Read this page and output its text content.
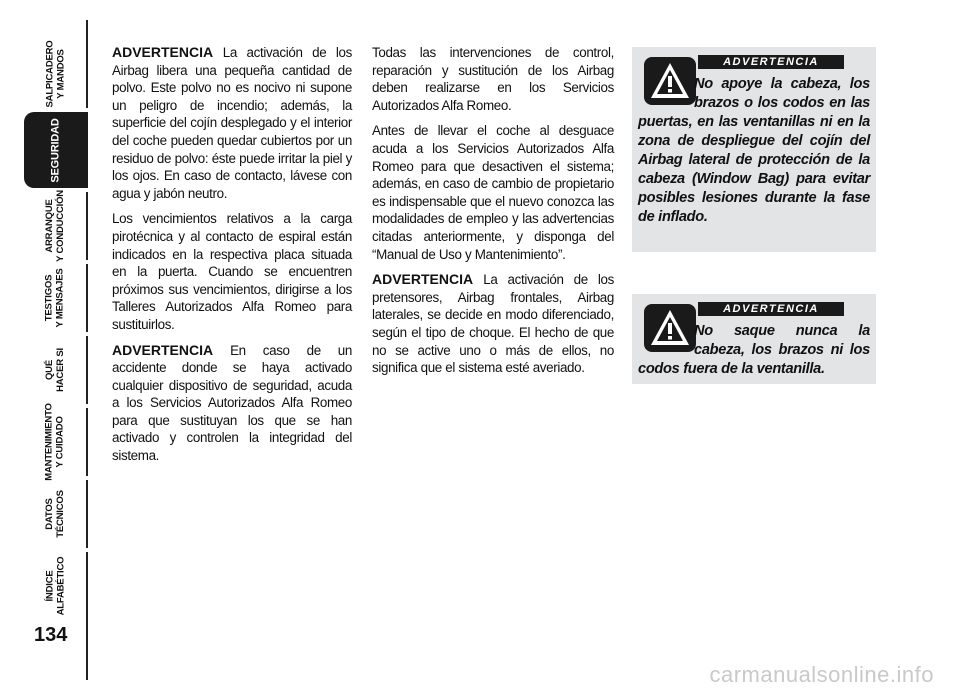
SALPICADERO
Y MANDOS
SEGURIDAD
ARRANQUE
Y CONDUCCIÓN
TESTIGOS
Y MENSAJES
QUÉ
HACER SI
MANTENIMIENTO
Y CUIDADO
DATOS
TÉCNICOS
ÍNDICE
ALFABÉTICO
134

ADVERTENCIA La activación de los Airbag libera una pequeña cantidad de polvo. Este polvo no es nocivo ni supone un peligro de incendio; además, la superficie del cojín desplegado y el interior del coche pueden quedar cubiertos por un residuo de polvo: éste puede irritar la piel y los ojos. En caso de contacto, lávese con agua y jabón neutro.

Los vencimientos relativos a la carga pirotécnica y al contacto de espiral están indicados en la respectiva placa situada en la puerta. Cuando se encuentren próximos sus vencimientos, dirigirse a los Talleres Autorizados Alfa Romeo para sustituirlos.

ADVERTENCIA En caso de un accidente donde se haya activado cualquier dispositivo de seguridad, acuda a los Servicios Autorizados Alfa Romeo para que sustituyan los que se han activado y controlen la integridad del sistema.

Todas las intervenciones de control, reparación y sustitución de los Airbag deben realizarse en los Servicios Autorizados Alfa Romeo.

Antes de llevar el coche al desguace acuda a los Servicios Autorizados Alfa Romeo para que desactiven el sistema; además, en caso de cambio de propietario es indispensable que el nuevo conozca las modalidades de empleo y las advertencias citadas anteriormente, y disponga del “Manual de Uso y Mantenimiento”.

ADVERTENCIA La activación de los pretensores, Airbag frontales, Airbag laterales, se decide en modo diferenciado, según el tipo de choque. El hecho de que no se active uno o más de ellos, no significa que el sistema esté averiado.

ADVERTENCIA
No apoye la cabeza, los brazos o los codos en las puertas, en las ventanillas ni en la zona de despliegue del cojín del Airbag lateral de protección de la cabeza (Window Bag) para evitar posibles lesiones durante la fase de inflado.
ADVERTENCIA
No saque nunca la cabeza, los brazos ni los codos fuera de la ventanilla.
carmanualsonline.info
